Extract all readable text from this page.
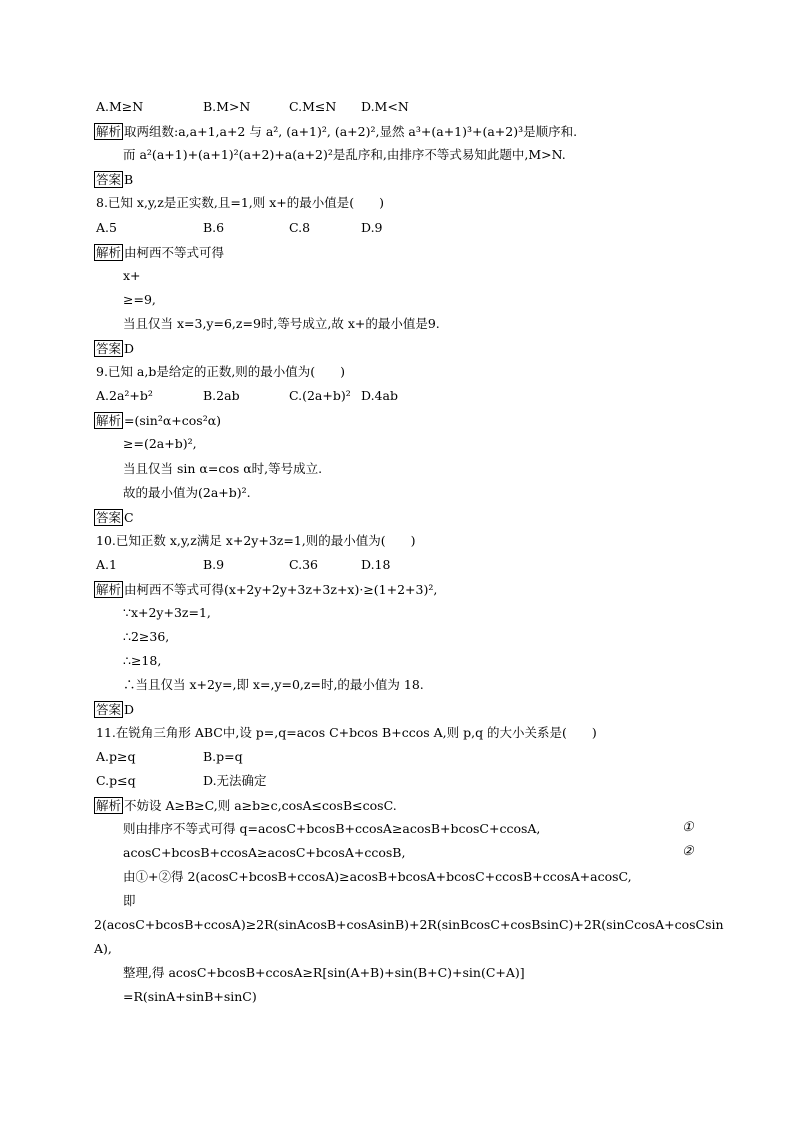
A.M≥N	B.M>N	C.M≤N D.M<N
解析 取两组数:a,a+1,a+2 与 a², (a+1)², (a+2)²,显然 a³+(a+1)³+(a+2)³是顺序和.
而 a²(a+1)+(a+1)²(a+2)+a(a+2)²是乱序和,由排序不等式易知此题中,M>N.
答案 B
8.已知 x,y,z是正实数,且=1,则 x+的最小值是(　　)
A.5	B.6	C.8	D.9
解析 由柯西不等式可得
x+
≥=9,
当且仅当 x=3,y=6,z=9时,等号成立,故 x+的最小值是9.
答案 D
9.已知 a,b是给定的正数,则的最小值为(　　)
A.2a²+b²	B.2ab	C.(2a+b)² D.4ab
解析 =(sin²α+cos²α)
≥=(2a+b)²,
当且仅当 sin α=cos α时,等号成立.
故的最小值为(2a+b)².
答案 C
10.已知正数 x,y,z满足 x+2y+3z=1,则的最小值为(　　)
A.1	B.9	C.36	D.18
解析 由柯西不等式可得(x+2y+2y+3z+3z+x)·≥(1+2+3)²,
∵x+2y+3z=1,
∴2≥36,
∴≥18,
∴当且仅当 x+2y=,即 x=,y=0,z=时,的最小值为 18.
答案 D
11.在锐角三角形 ABC中,设 p=,q=acos C+bcos B+ccos A,则 p,q 的大小关系是(　　)
A.p≥q	B.p=q
C.p≤q	D.无法确定
解析 不妨设 A≥B≥C,则 a≥b≥c,cosA≤cosB≤cosC.
则由排序不等式可得 q=acosC+bcosB+ccosA≥acosB+bcosC+ccosA,
acosC+bcosB+ccosA≥acosC+bcosA+ccosB,
由①+②得 2(acosC+bcosB+ccosA)≥acosB+bcosA+bcosC+ccosB+ccosA+acosC,
即
2(acosC+bcosB+ccosA)≥2R(sinAcosB+cosAsinB)+2R(sinBcosC+cosBsinC)+2R(sinCcosA+cosCsin
A),
整理,得 acosC+bcosB+ccosA≥R[sin(A+B)+sin(B+C)+sin(C+A)]
=R(sinA+sinB+sinC)
①
②
